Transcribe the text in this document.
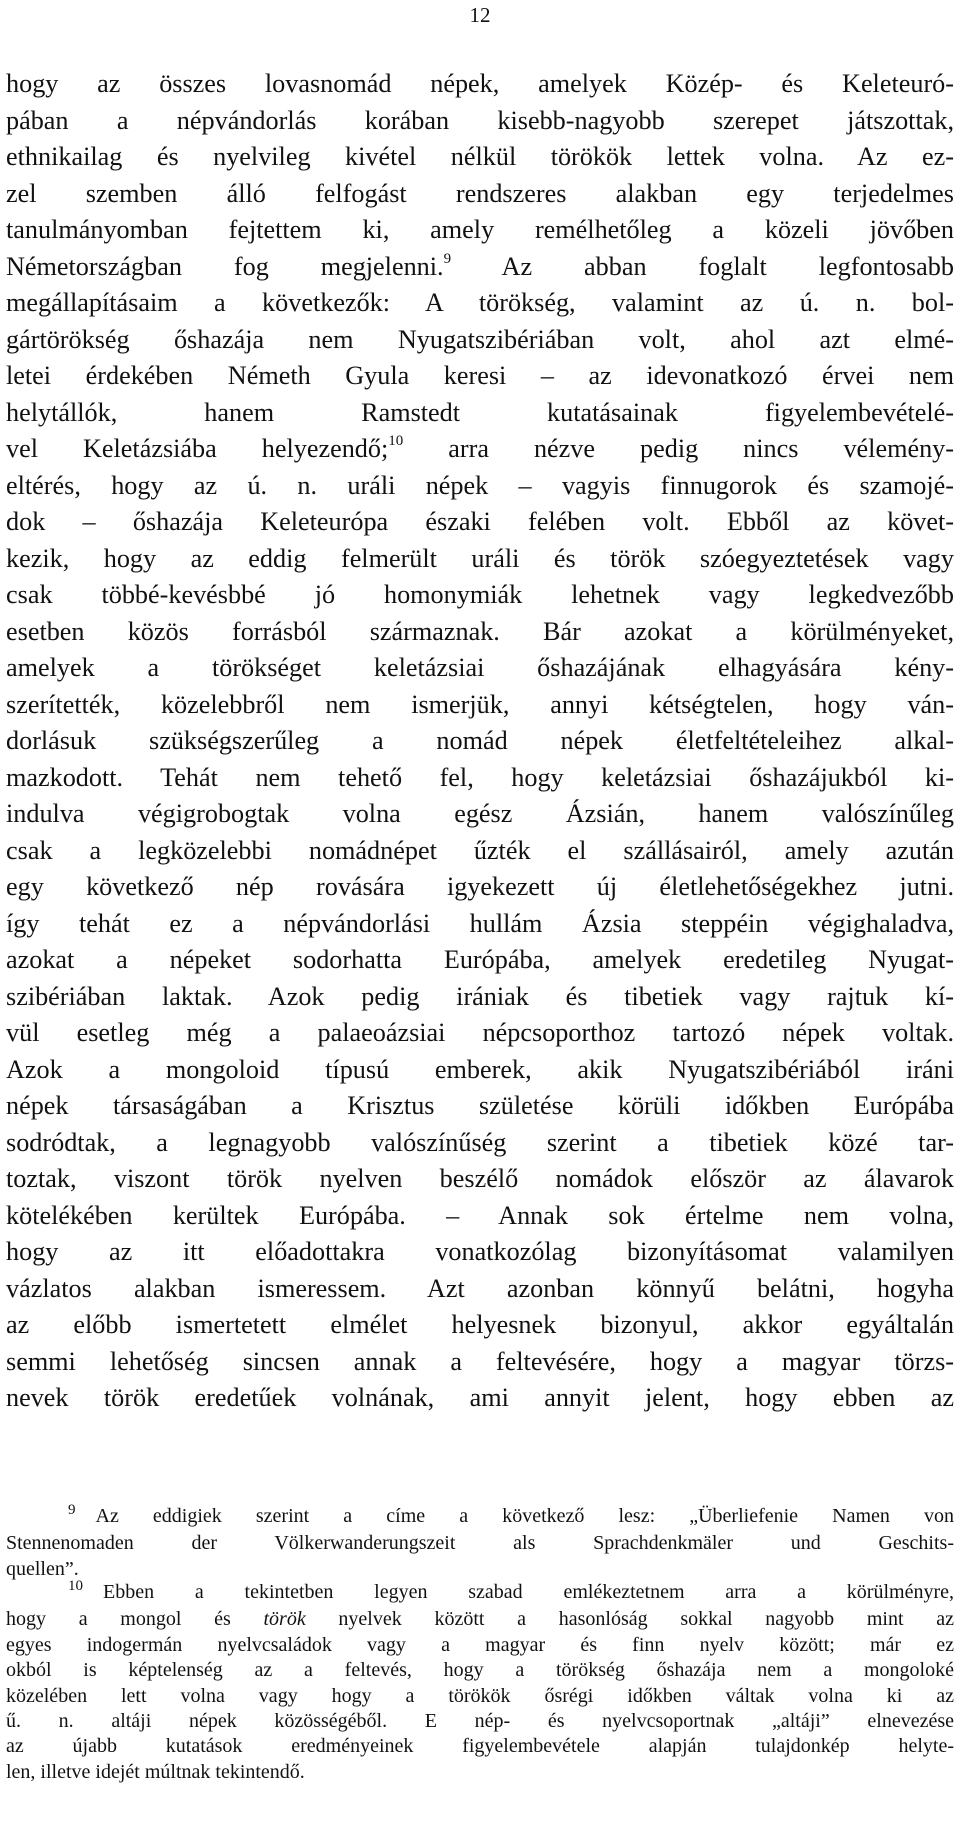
12
hogy az összes lovasnomád népek, amelyek Közép- és Keleteuró-
pában a népvándorlás korában kisebb-nagyobb szerepet játszottak,
ethnikailag és nyelvileg kivétel nélkül törökök lettek volna. Az ez-
zel szemben álló felfogást rendszeres alakban egy terjedelmes
tanulmányomban fejtettem ki, amely remélhetőleg a közeli jövőben
Németországban fog megjelenni.$^9$ Az abban foglalt legfontosabb
megállapításaim a következők: A törökség, valamint az ú. n. bol-
gártörökség őshazája nem Nyugatszibériában volt, ahol azt elmé-
letei érdekében Németh Gyula keresi – az idevonatkozó érvei nem
helytállók, hanem Ramstedt kutatásainak figyelembevételé-
vel Keletázsiába helyezendő;$^{10}$ arra nézve pedig nincs vélemény-
eltérés, hogy az ú. n. uráli népek – vagyis finnugorok és szamojé-
dok – őshazája Keleteurópa északi felében volt. Ebből az követ-
kezik, hogy az eddig felmerült uráli és török szóegyeztetések vagy
csak többé-kevésbbé jó homonymiák lehetnek vagy legkedvezőbb
esetben közös forrásból származnak. Bár azokat a körülményeket,
amelyek a törökséget keletázsiai őshazájának elhagyására kény-
szerítették, közelebbről nem ismerjük, annyi kétségtelen, hogy ván-
dorlásuk szükségszerűleg a nomád népek életfeltételeihez alkal-
mazkodott. Tehát nem tehető fel, hogy keletázsiai őshazájukból ki-
indulva végigrobogtak volna egész Ázsián, hanem valószínűleg
csak a legközelebbi nomádnépet űzték el szállásairól, amely azután
egy következő nép rovására igyekezett új életlehetőségekhez jutni.
így tehát ez a népvándorlási hullám Ázsia steppéin végighaladva,
azokat a népeket sodorhatta Európába, amelyek eredetileg Nyugat-
szibériában laktak. Azok pedig irániak és tibetiek vagy rajtuk kí-
vül esetleg még a palaeoázsiai népcsoporthoz tartozó népek voltak.
Azok a mongoloid típusú emberek, akik Nyugatszibériából iráni
népek társaságában a Krisztus születése körüli időkben Európába
sodródtak, a legnagyobb valószínűség szerint a tibetiek közé tar-
toztak, viszont török nyelven beszélő nomádok először az álavarok
kötelékében kerültek Európába. – Annak sok értelme nem volna,
hogy az itt előadottakra vonatkozólag bizonyításomat valamilyen
vázlatos alakban ismeressem. Azt azonban könnyű belátni, hogyha
az előbb ismertetett elmélet helyesnek bizonyul, akkor egyáltalán
semmi lehetőség sincsen annak a feltevésére, hogy a magyar törzs-
nevek török eredetűek volnának, ami annyit jelent, hogy ebben az
$^9$ Az eddigiek szerint a címe a következő lesz: „Überliefenie Namen von
Stennenomaden der Völkerwanderungszeit als Sprachdenkmäler und Geschits-
quellen”.
$^{10}$ Ebben a tekintetben legyen szabad emlékeztetnem arra a körülményre,
hogy a mongol és török nyelvek között a hasonlóság sokkal nagyobb mint az
egyes indogermán nyelvcsaládok vagy a magyar és finn nyelv között; már ez
okból is képtelenség az a feltevés, hogy a törökség őshazája nem a mongoloké
közelében lett volna vagy hogy a törökök ősrégi időkben váltak volna ki az
ű. n. altáji népek közösségéből. E nép- és nyelvcsoportnak „altáji” elnevezése
az újabb kutatások eredményeinek figyelembevétele alapján tulajdonkép helyte-
len, illetve idejét múltnak tekintendő.
